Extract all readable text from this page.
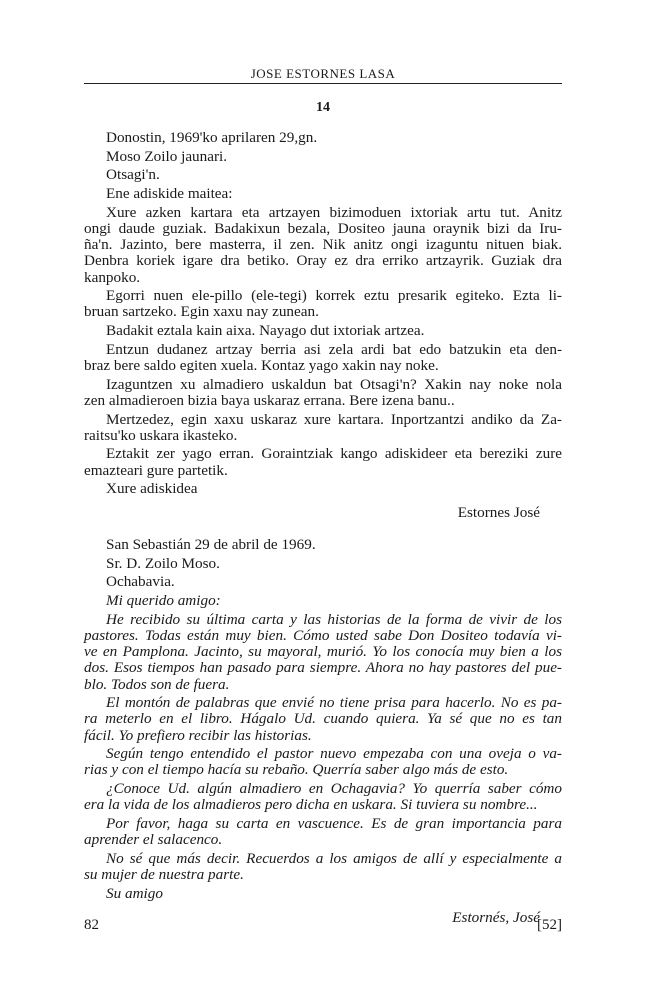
JOSE ESTORNES LASA
14
Donostin, 1969'ko aprilaren 29,gn.
Moso Zoilo jaunari.
Otsagi'n.
Ene adiskide maitea:
Xure azken kartara eta artzayen bizimoduen ixtoriak artu tut. Anitz
ongi daude guziak. Badakixun bezala, Dositeo jauna oraynik bizi da Iru-
ña'n. Jazinto, bere masterra, il zen. Nik anitz ongi izaguntu nituen biak.
Denbra koriek igare dra betiko. Oray ez dra erriko artzayrik. Guziak dra
kanpoko.
Egorri nuen ele-pillo (ele-tegi) korrek eztu presarik egiteko. Ezta li-
bruan sartzeko. Egin xaxu nay zunean.
Badakit eztala kain aixa. Nayago dut ixtoriak artzea.
Entzun dudanez artzay berria asi zela ardi bat edo batzukin eta den-
braz bere saldo egiten xuela. Kontaz yago xakin nay noke.
Izaguntzen xu almadiero uskaldun bat Otsagi'n? Xakin nay noke nola
zen almadieroen bizia baya uskaraz errana. Bere izena banu..
Mertzedez, egin xaxu uskaraz xure kartara. Inportzantzi andiko da Za-
raitsu'ko uskara ikasteko.
Eztakit zer yago erran. Goraintziak kango adiskideer eta bereziki zure
emazteari gure partetik.
Xure adiskidea
Estornes José
San Sebastián 29 de abril de 1969.
Sr. D. Zoilo Moso.
Ochabavia.
Mi querido amigo:
He recibido su última carta y las historias de la forma de vivir de los
pastores. Todas están muy bien. Cómo usted sabe Don Dositeo todavía vi-
ve en Pamplona. Jacinto, su mayoral, murió. Yo los conocía muy bien a los
dos. Esos tiempos han pasado para siempre. Ahora no hay pastores del pue-
blo. Todos son de fuera.
El montón de palabras que envié no tiene prisa para hacerlo. No es pa-
ra meterlo en el libro. Hágalo Ud. cuando quiera. Ya sé que no es tan
fácil. Yo prefiero recibir las historias.
Según tengo entendido el pastor nuevo empezaba con una oveja o va-
rias y con el tiempo hacía su rebaño. Querría saber algo más de esto.
¿Conoce Ud. algún almadiero en Ochagavia? Yo querría saber cómo
era la vida de los almadieros pero dicha en uskara. Si tuviera su nombre...
Por favor, haga su carta en vascuence. Es de gran importancia para
aprender el salacenco.
No sé que más decir. Recuerdos a los amigos de allí y especialmente a
su mujer de nuestra parte.
Su amigo
Estornés, José
82	[52]
